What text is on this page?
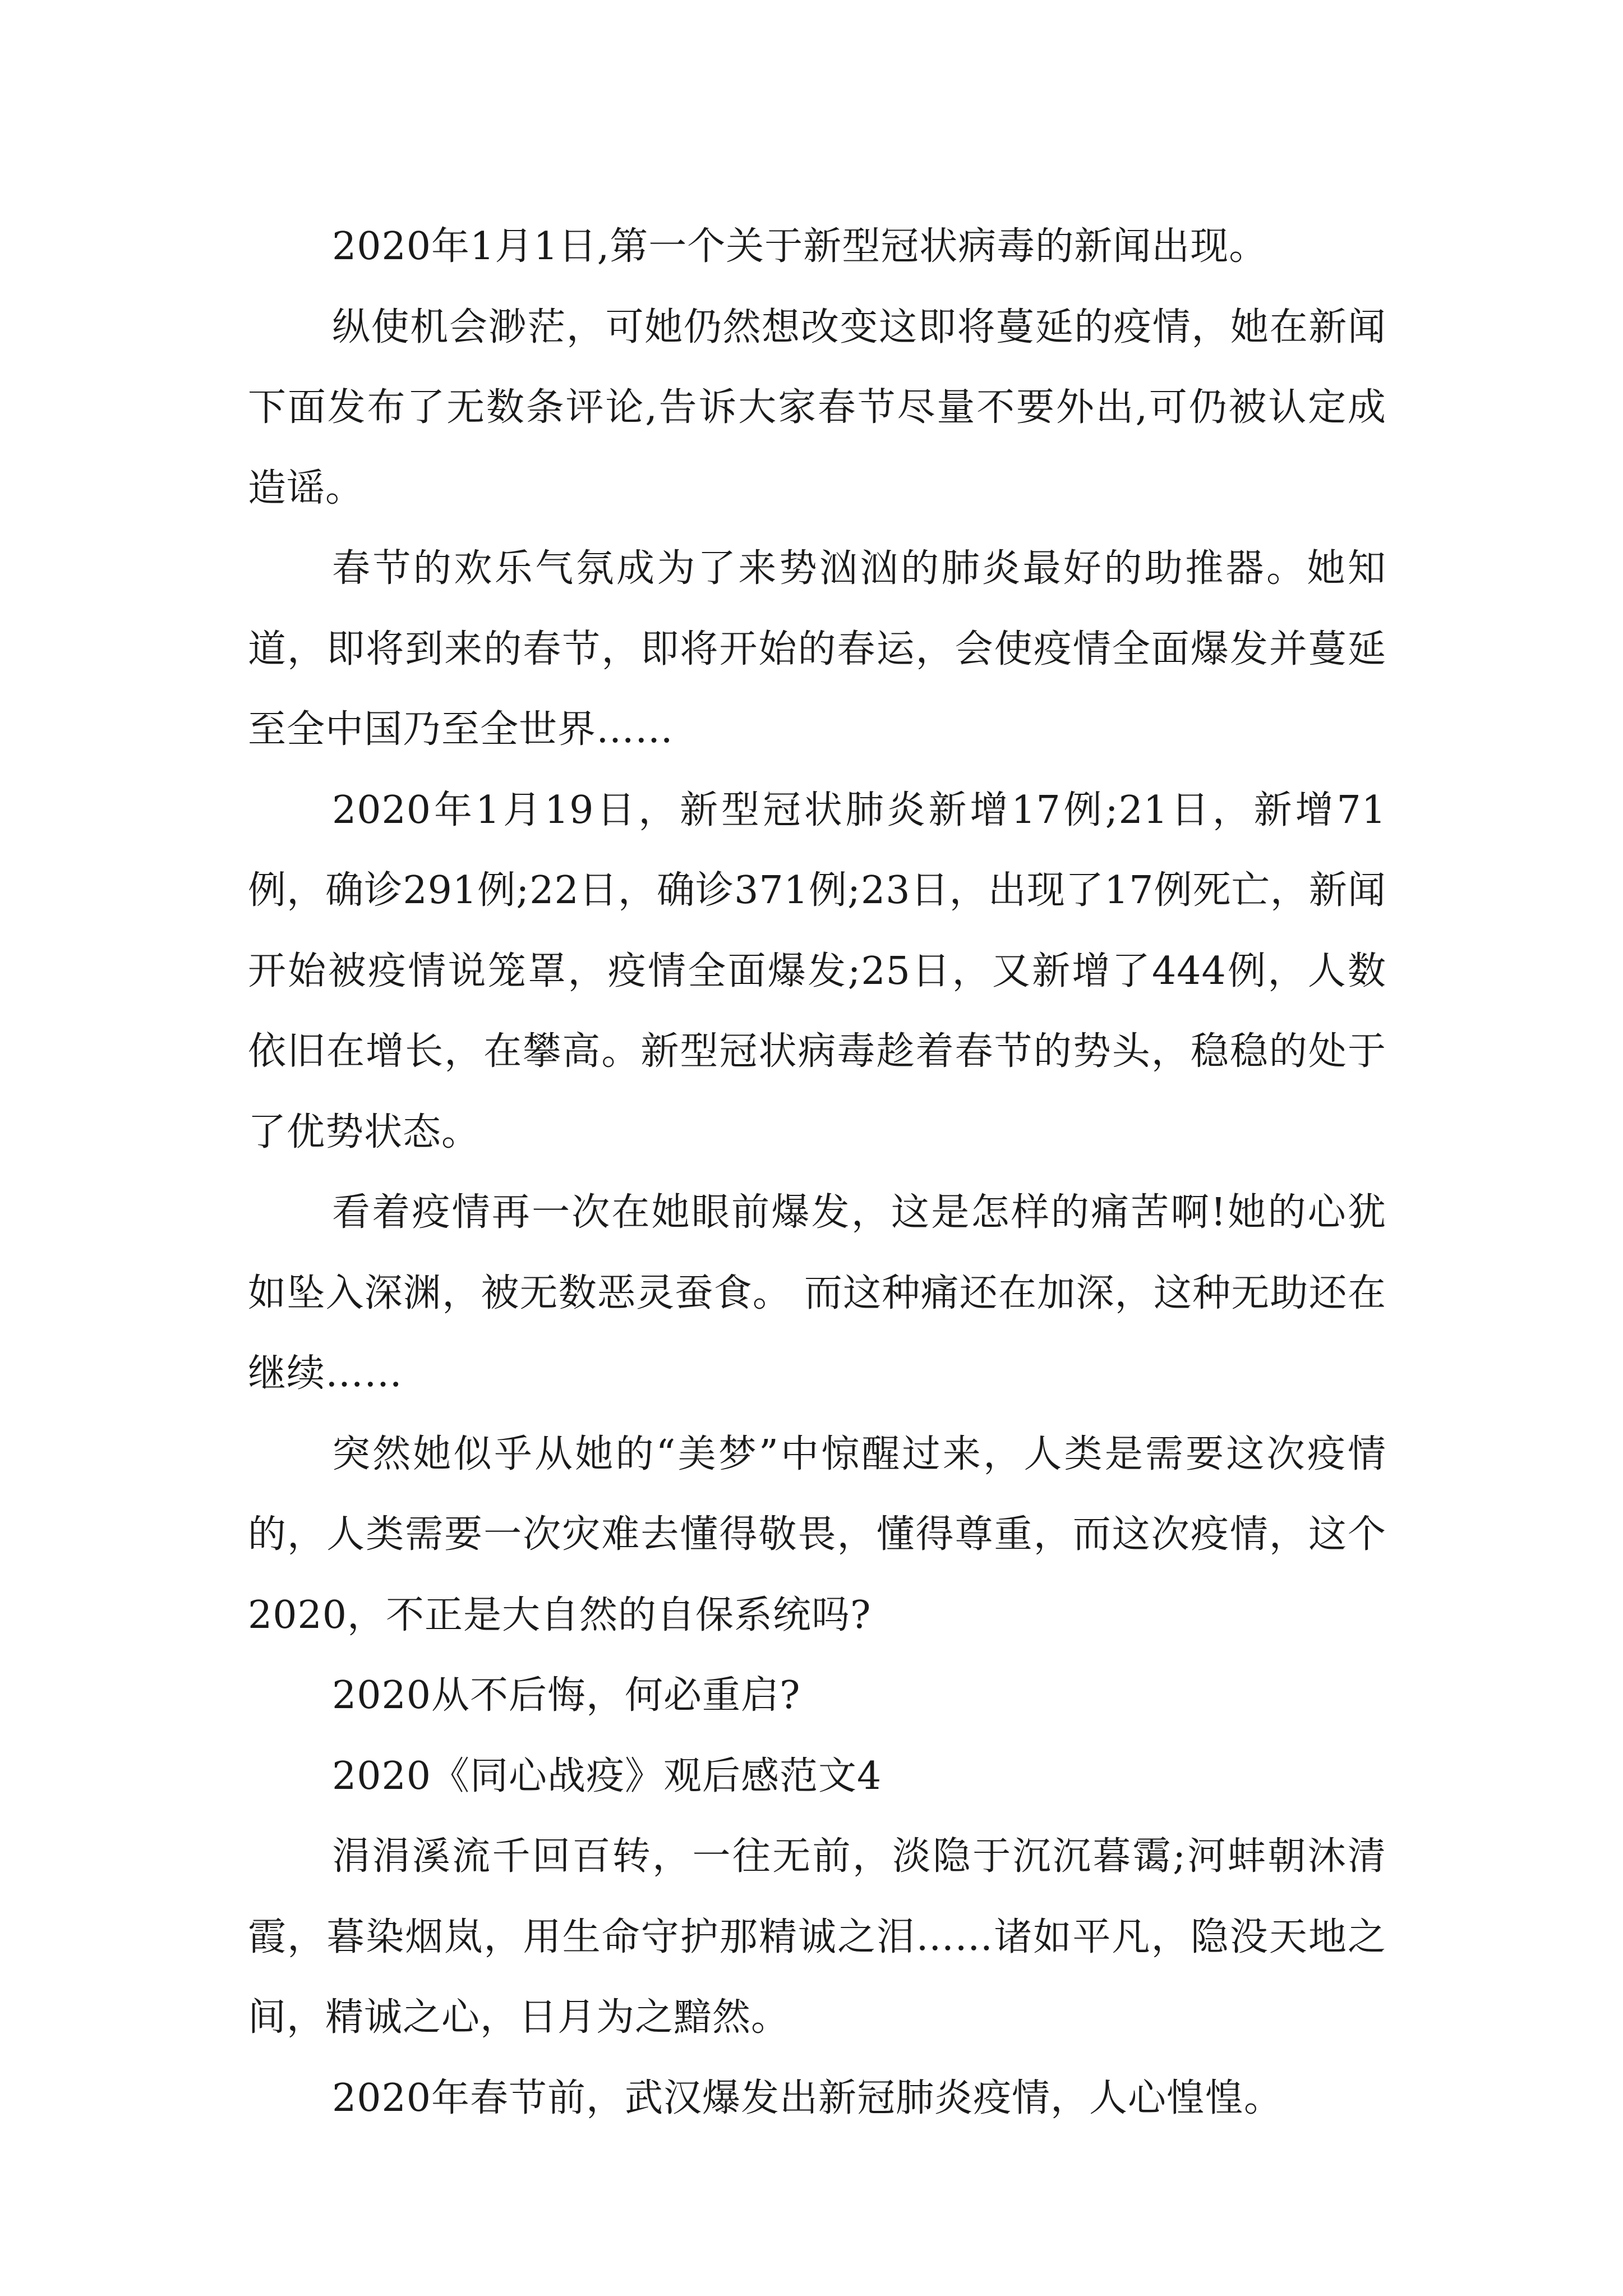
2020年1月1日,第一个关于新型冠状病毒的新闻出现。

纵使机会渺茫，可她仍然想改变这即将蔓延的疫情，她在新闻下面发布了无数条评论,告诉大家春节尽量不要外出,可仍被认定成造谣。

春节的欢乐气氛成为了来势汹汹的肺炎最好的助推器。她知道，即将到来的春节，即将开始的春运，会使疫情全面爆发并蔓延至全中国乃至全世界……

2020年1月19日，新型冠状肺炎新增17例;21日，新增71例，确诊291例;22日，确诊371例;23日，出现了17例死亡，新闻开始被疫情说笼罩，疫情全面爆发;25日，又新增了444例，人数依旧在增长，在攀高。新型冠状病毒趁着春节的势头，稳稳的处于了优势状态。

看着疫情再一次在她眼前爆发，这是怎样的痛苦啊!她的心犹如坠入深渊，被无数恶灵蚕食。 而这种痛还在加深，这种无助还在继续……

突然她似乎从她的“美梦”中惊醒过来，人类是需要这次疫情的，人类需要一次灾难去懂得敬畏，懂得尊重，而这次疫情，这个2020，不正是大自然的自保系统吗?

2020从不后悔，何必重启?

2020《同心战疫》观后感范文4

涓涓溪流千回百转，一往无前，淡隐于沉沉暮霭;河蚌朝沐清霞，暮染烟岚，用生命守护那精诚之泪……诸如平凡，隐没天地之间，精诚之心，日月为之黯然。

2020年春节前，武汉爆发出新冠肺炎疫情，人心惶惶。
